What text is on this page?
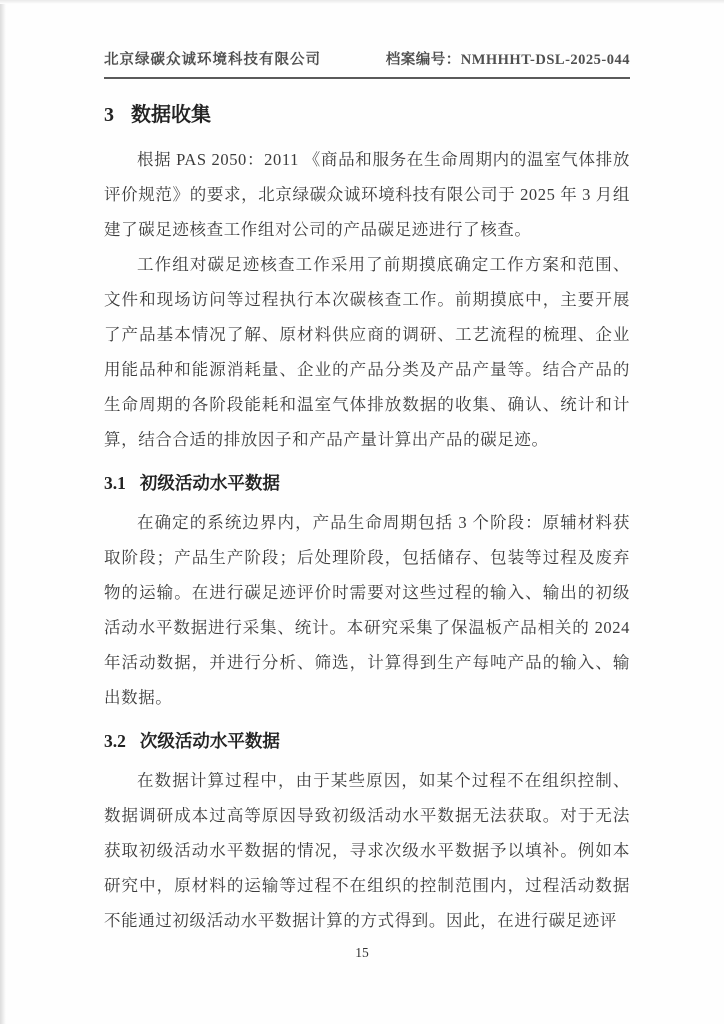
北京绿碳众诚环境科技有限公司	档案编号：NMHHHT-DSL-2025-044
3 数据收集

根据 PAS 2050：2011 《商品和服务在生命周期内的温室气体排放评价规范》的要求，北京绿碳众诚环境科技有限公司于 2025 年 3 月组建了碳足迹核查工作组对公司的产品碳足迹进行了核查。

工作组对碳足迹核查工作采用了前期摸底确定工作方案和范围、文件和现场访问等过程执行本次碳核查工作。前期摸底中，主要开展了产品基本情况了解、原材料供应商的调研、工艺流程的梳理、企业用能品种和能源消耗量、企业的产品分类及产品产量等。结合产品的生命周期的各阶段能耗和温室气体排放数据的收集、确认、统计和计算，结合合适的排放因子和产品产量计算出产品的碳足迹。

3.1 初级活动水平数据

在确定的系统边界内，产品生命周期包括 3 个阶段：原辅材料获取阶段；产品生产阶段；后处理阶段，包括储存、包装等过程及废弃物的运输。在进行碳足迹评价时需要对这些过程的输入、输出的初级活动水平数据进行采集、统计。本研究采集了保温板产品相关的 2024 年活动数据，并进行分析、筛选，计算得到生产每吨产品的输入、输出数据。

3.2 次级活动水平数据

在数据计算过程中，由于某些原因，如某个过程不在组织控制、数据调研成本过高等原因导致初级活动水平数据无法获取。对于无法获取初级活动水平数据的情况，寻求次级水平数据予以填补。例如本研究中，原材料的运输等过程不在组织的控制范围内，过程活动数据不能通过初级活动水平数据计算的方式得到。因此，在进行碳足迹评

15
